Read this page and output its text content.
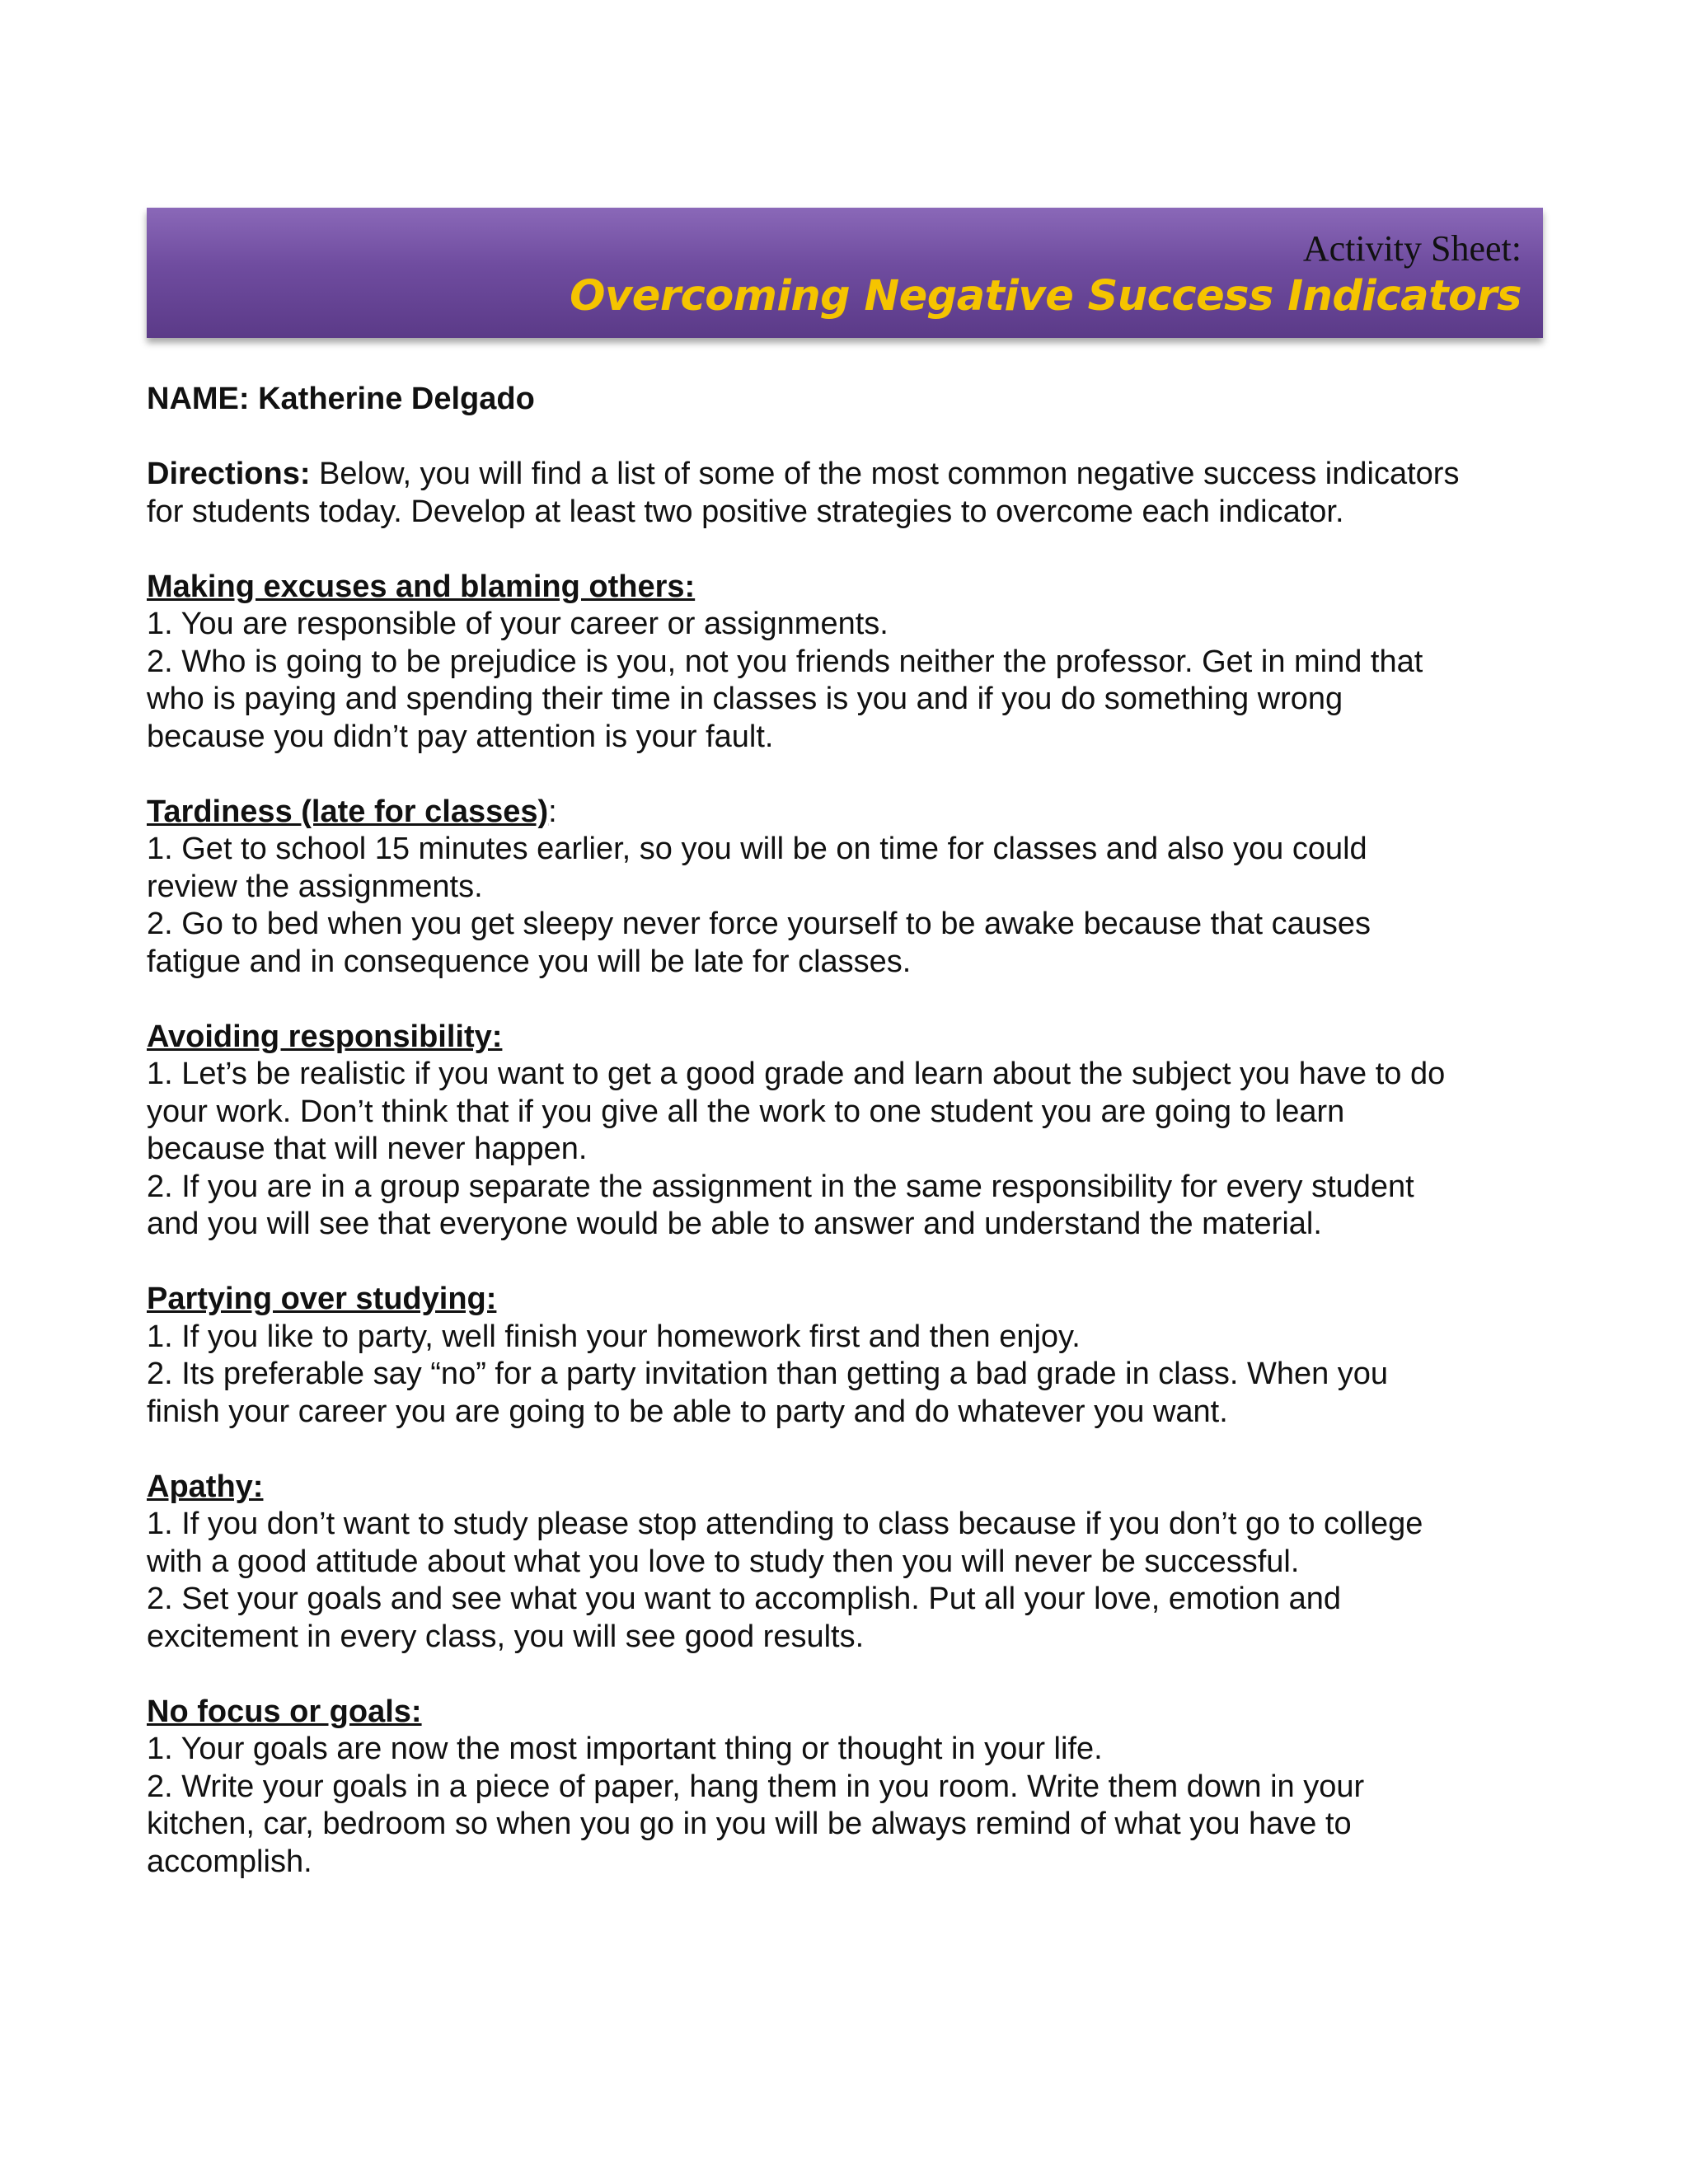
Activity Sheet:
Overcoming Negative Success Indicators

NAME: Katherine Delgado

Directions: Below, you will find a list of some of the most common negative success indicators

for students today. Develop at least two positive strategies to overcome each indicator.

Making excuses and blaming others:

1. You are responsible of your career or assignments.

2. Who is going to be prejudice is you, not you friends neither the professor. Get in mind that

who is paying and spending their time in classes is you and if you do something wrong

because you didn’t pay attention is your fault.

Tardiness (late for classes):

1. Get to school 15 minutes earlier, so you will be on time for classes and also you could

review the assignments.

2. Go to bed when you get sleepy never force yourself to be awake because that causes

fatigue and in consequence you will be late for classes.

Avoiding responsibility:

1. Let’s be realistic if you want to get a good grade and learn about the subject you have to do

your work. Don’t think that if you give all the work to one student you are going to learn

because that will never happen.

2. If you are in a group separate the assignment in the same responsibility for every student

and you will see that everyone would be able to answer and understand the material.

Partying over studying:

1. If you like to party, well finish your homework first and then enjoy.

2. Its preferable say “no” for a party invitation than getting a bad grade in class. When you

finish your career you are going to be able to party and do whatever you want.

Apathy:

1. If you don’t want to study please stop attending to class because if you don’t go to college

with a good attitude about what you love to study then you will never be successful.

2. Set your goals and see what you want to accomplish. Put all your love, emotion and

excitement in every class, you will see good results.

No focus or goals:

1. Your goals are now the most important thing or thought in your life.

2. Write your goals in a piece of paper, hang them in you room. Write them down in your

kitchen, car, bedroom so when you go in you will be always remind of what you have to

accomplish.
